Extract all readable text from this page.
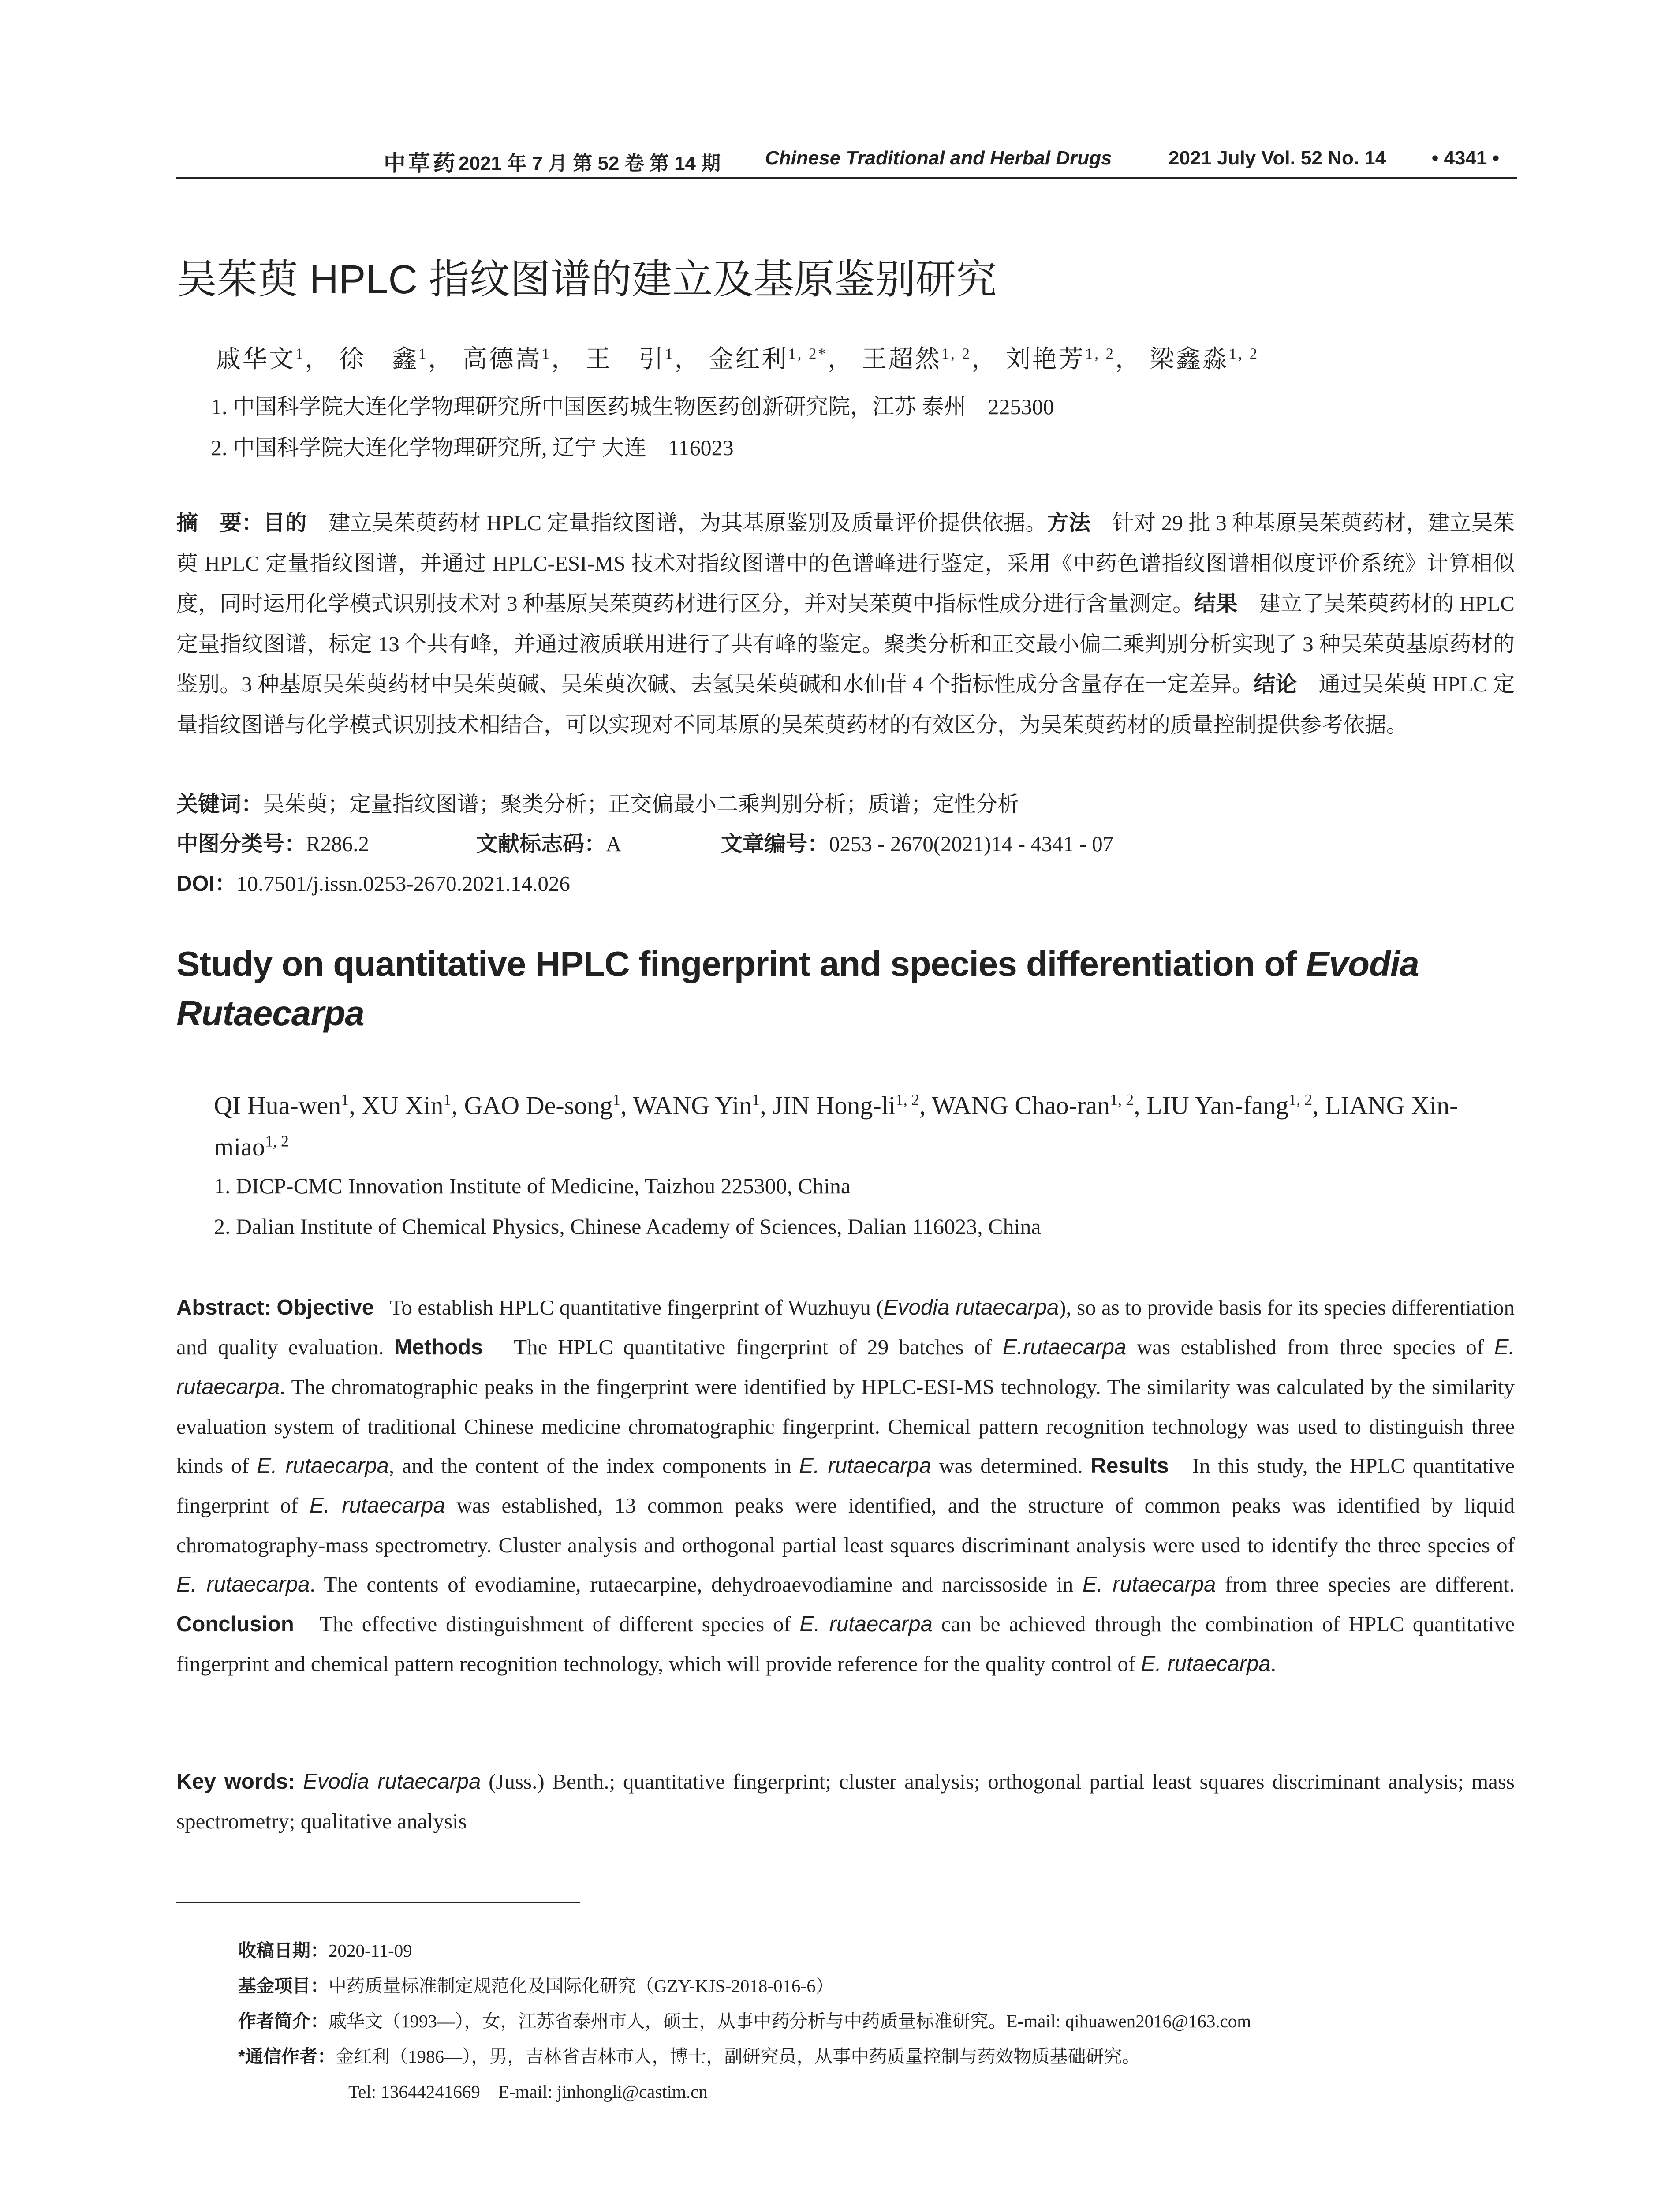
中草药 2021 年 7 月 第 52 卷 第 14 期 Chinese Traditional and Herbal Drugs	2021 July Vol. 52 No. 14 • 4341 •
吴茱萸 HPLC 指纹图谱的建立及基原鉴别研究
戚华文$^1$， 徐　鑫$^1$， 高德嵩$^1$， 王　引$^1$， 金红利$^{1, 2*}$， 王超然$^{1, 2}$， 刘艳芳$^{1, 2}$， 梁鑫淼$^{1, 2}$
1. 中国科学院大连化学物理研究所中国医药城生物医药创新研究院，江苏 泰州　225300
2. 中国科学院大连化学物理研究所, 辽宁 大连　116023
摘　要：目的　建立吴茱萸药材 HPLC 定量指纹图谱，为其基原鉴别及质量评价提供依据。方法　针对 29 批 3 种基原吴茱萸药材，建立吴茱萸 HPLC 定量指纹图谱，并通过 HPLC-ESI-MS 技术对指纹图谱中的色谱峰进行鉴定，采用《中药色谱指纹图谱相似度评价系统》计算相似度，同时运用化学模式识别技术对 3 种基原吴茱萸药材进行区分，并对吴茱萸中指标性成分进行含量测定。结果　建立了吴茱萸药材的 HPLC 定量指纹图谱，标定 13 个共有峰，并通过液质联用进行了共有峰的鉴定。聚类分析和正交最小偏二乘判别分析实现了 3 种吴茱萸基原药材的鉴别。3 种基原吴茱萸药材中吴茱萸碱、吴茱萸次碱、去氢吴茱萸碱和水仙苷 4 个指标性成分含量存在一定差异。结论　通过吴茱萸 HPLC 定量指纹图谱与化学模式识别技术相结合，可以实现对不同基原的吴茱萸药材的有效区分，为吴茱萸药材的质量控制提供参考依据。
关键词：吴茱萸；定量指纹图谱；聚类分析；正交偏最小二乘判别分析；质谱；定性分析
中图分类号：R286.2	文献标志码：A	文章编号：0253 - 2670(2021)14 - 4341 - 07
DOI：10.7501/j.issn.0253-2670.2021.14.026
Study on quantitative HPLC fingerprint and species differentiation of Evodia Rutaecarpa
QI Hua-wen$^1$, XU Xin$^1$, GAO De-song$^1$, WANG Yin$^1$, JIN Hong-li$^{1, 2}$, WANG Chao-ran$^{1, 2}$, LIU Yan-fang$^{1, 2}$, LIANG Xin-miao$^{1, 2}$
1. DICP-CMC Innovation Institute of Medicine, Taizhou 225300, China
2. Dalian Institute of Chemical Physics, Chinese Academy of Sciences, Dalian 116023, China
Abstract: Objective To establish HPLC quantitative fingerprint of Wuzhuyu (Evodia rutaecarpa), so as to provide basis for its species differentiation and quality evaluation. Methods The HPLC quantitative fingerprint of 29 batches of E.rutaecarpa was established from three species of E. rutaecarpa. The chromatographic peaks in the fingerprint were identified by HPLC-ESI-MS technology. The similarity was calculated by the similarity evaluation system of traditional Chinese medicine chromatographic fingerprint. Chemical pattern recognition technology was used to distinguish three kinds of E. rutaecarpa, and the content of the index components in E. rutaecarpa was determined. Results In this study, the HPLC quantitative fingerprint of E. rutaecarpa was established, 13 common peaks were identified, and the structure of common peaks was identified by liquid chromatography-mass spectrometry. Cluster analysis and orthogonal partial least squares discriminant analysis were used to identify the three species of E. rutaecarpa. The contents of evodiamine, rutaecarpine, dehydroaevodiamine and narcissoside in E. rutaecarpa from three species are different. Conclusion The effective distinguishment of different species of E. rutaecarpa can be achieved through the combination of HPLC quantitative fingerprint and chemical pattern recognition technology, which will provide reference for the quality control of E. rutaecarpa.
Key words: Evodia rutaecarpa (Juss.) Benth.; quantitative fingerprint; cluster analysis; orthogonal partial least squares discriminant analysis; mass spectrometry; qualitative analysis
收稿日期：2020-11-09
基金项目：中药质量标准制定规范化及国际化研究（GZY-KJS-2018-016-6）
作者简介：戚华文（1993—），女，江苏省泰州市人，硕士，从事中药分析与中药质量标准研究。E-mail: qihuawen2016@163.com
*通信作者：金红利（1986—），男，吉林省吉林市人，博士，副研究员，从事中药质量控制与药效物质基础研究。
Tel: 13644241669　E-mail: jinhongli@castim.cn
